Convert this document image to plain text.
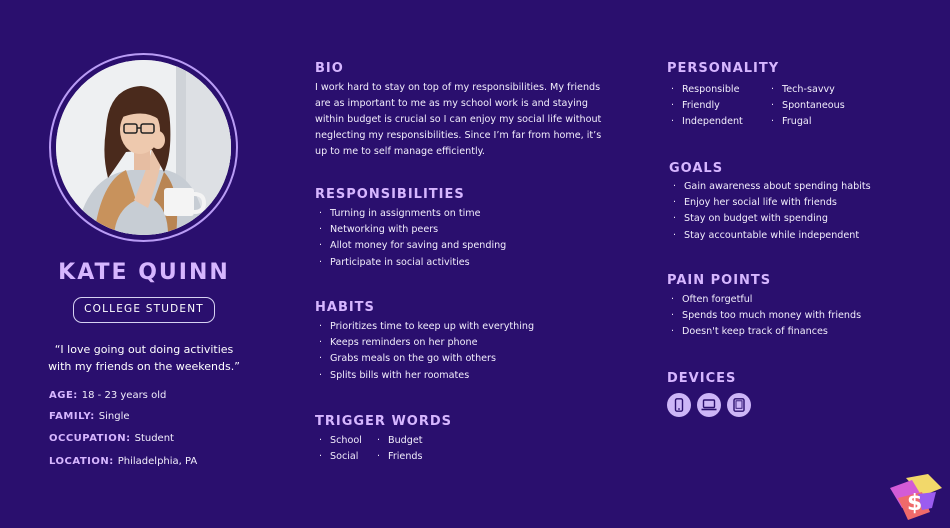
KATE QUINN
COLLEGE STUDENT
“I love going out doing activities
with my friends on the weekends.”
AGE: 18 - 23 years old
FAMILY: Single
OCCUPATION: Student
LOCATION: Philadelphia, PA
BIO
I work hard to stay on top of my responsibilities. My friends
are as important to me as my school work is and staying
within budget is crucial so I can enjoy my social life without
neglecting my responsibilities. Since I’m far from home, it’s
up to me to self manage efficiently.
RESPONSIBILITIES
· Turning in assignments on time
· Networking with peers
· Allot money for saving and spending
· Participate in social activities
HABITS
· Prioritizes time to keep up with everything
· Keeps reminders on her phone
· Grabs meals on the go with others
· Splits bills with her roomates
TRIGGER WORDS
· School
· Social
· Budget
· Friends
PERSONALITY
· Responsible
· Friendly
· Independent
· Tech-savvy
· Spontaneous
· Frugal
GOALS
· Gain awareness about spending habits
· Enjoy her social life with friends
· Stay on budget with spending
· Stay accountable while independent
PAIN POINTS
· Often forgetful
· Spends too much money with friends
· Doesn't keep track of finances
DEVICES
$
